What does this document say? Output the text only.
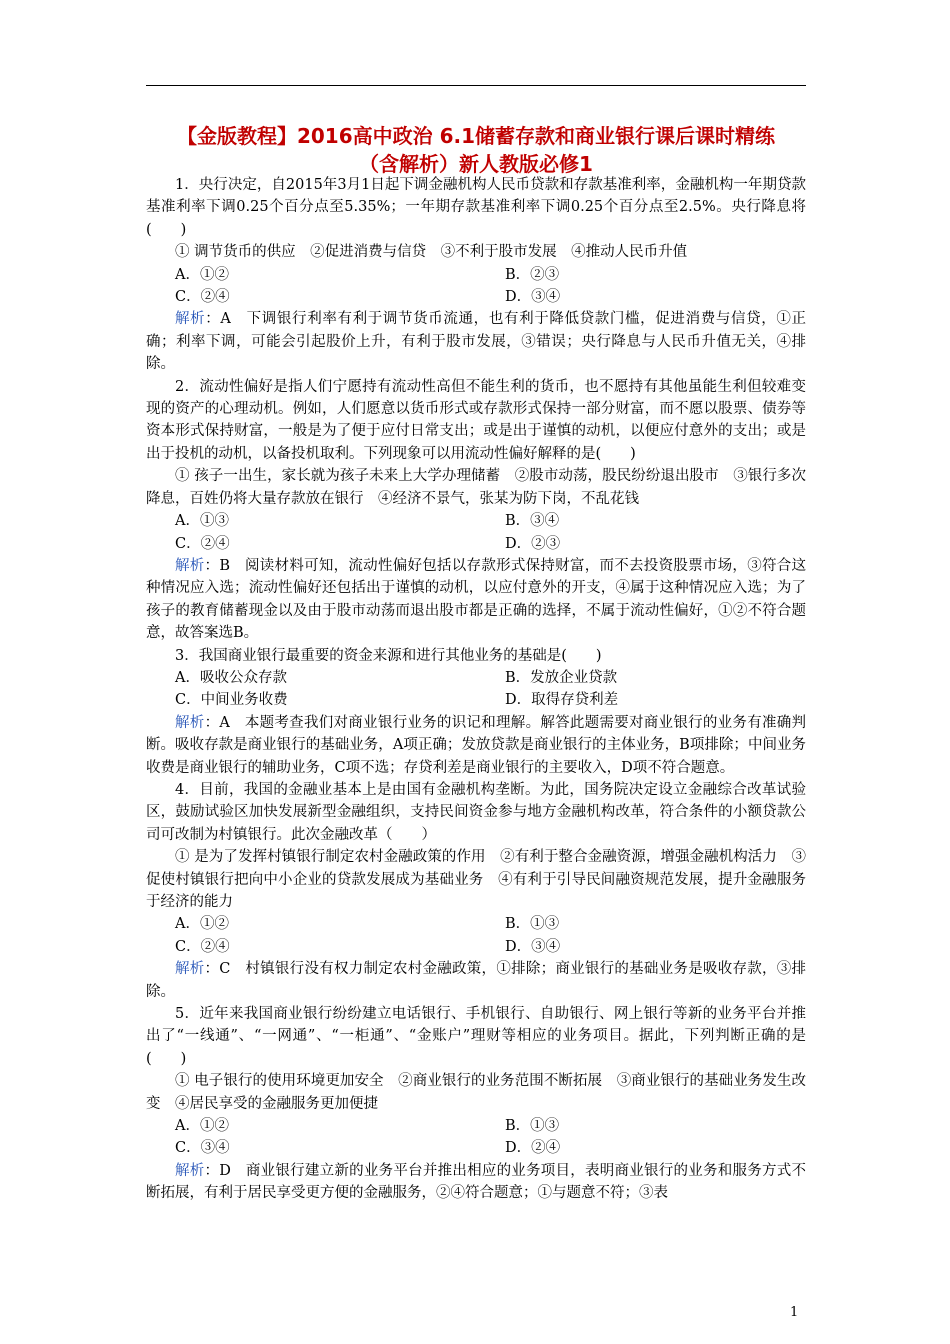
【金版教程】2016高中政治 6.1储蓄存款和商业银行课后课时精练
（含解析）新人教版必修1

1．央行决定，自2015年3月1日起下调金融机构人民币贷款和存款基准利率，金融机构一年期贷款基准利率下调0.25个百分点至5.35%；一年期存款基准利率下调0.25个百分点至2.5%。央行降息将(　　)

① 调节货币的供应　②促进消费与信贷　③不利于股市发展　④推动人民币升值

A．①②	B．②③
C．②④	D．③④

解析：A　下调银行利率有利于调节货币流通，也有利于降低贷款门槛，促进消费与信贷，①正确；利率下调，可能会引起股价上升，有利于股市发展，③错误；央行降息与人民币升值无关，④排除。

2．流动性偏好是指人们宁愿持有流动性高但不能生利的货币，也不愿持有其他虽能生利但较难变现的资产的心理动机。例如，人们愿意以货币形式或存款形式保持一部分财富，而不愿以股票、债券等资本形式保持财富，一般是为了便于应付日常支出；或是出于谨慎的动机，以便应付意外的支出；或是出于投机的动机，以备投机取利。下列现象可以用流动性偏好解释的是(　　)

① 孩子一出生，家长就为孩子未来上大学办理储蓄　②股市动荡，股民纷纷退出股市　③银行多次降息，百姓仍将大量存款放在银行　④经济不景气，张某为防下岗，不乱花钱

A．①③	B．③④
C．②④	D．②③

解析：B　阅读材料可知，流动性偏好包括以存款形式保持财富，而不去投资股票市场，③符合这种情况应入选；流动性偏好还包括出于谨慎的动机，以应付意外的开支，④属于这种情况应入选；为了孩子的教育储蓄现金以及由于股市动荡而退出股市都是正确的选择，不属于流动性偏好，①②不符合题意，故答案选B。

3．我国商业银行最重要的资金来源和进行其他业务的基础是(　　)

A．吸收公众存款	B．发放企业贷款
C．中间业务收费	D．取得存贷利差

解析：A　本题考查我们对商业银行业务的识记和理解。解答此题需要对商业银行的业务有准确判断。吸收存款是商业银行的基础业务，A项正确；发放贷款是商业银行的主体业务，B项排除；中间业务收费是商业银行的辅助业务，C项不选；存贷利差是商业银行的主要收入，D项不符合题意。

4．目前，我国的金融业基本上是由国有金融机构垄断。为此，国务院决定设立金融综合改革试验区，鼓励试验区加快发展新型金融组织，支持民间资金参与地方金融机构改革，符合条件的小额贷款公司可改制为村镇银行。此次金融改革（　　）

① 是为了发挥村镇银行制定农村金融政策的作用　②有利于整合金融资源，增强金融机构活力　③促使村镇银行把向中小企业的贷款发展成为基础业务　④有利于引导民间融资规范发展，提升金融服务于经济的能力

A．①②	B．①③
C．②④	D．③④

解析：C　村镇银行没有权力制定农村金融政策，①排除；商业银行的基础业务是吸收存款，③排除。

5．近年来我国商业银行纷纷建立电话银行、手机银行、自助银行、网上银行等新的业务平台并推出了“一线通”、“一网通”、“一柜通”、“金账户”理财等相应的业务项目。据此，下列判断正确的是(　　)

① 电子银行的使用环境更加安全　②商业银行的业务范围不断拓展　③商业银行的基础业务发生改变　④居民享受的金融服务更加便捷

A．①②	B．①③
C．③④	D．②④

解析：D　商业银行建立新的业务平台并推出相应的业务项目，表明商业银行的业务和服务方式不断拓展，有利于居民享受更方便的金融服务，②④符合题意；①与题意不符；③表

1
